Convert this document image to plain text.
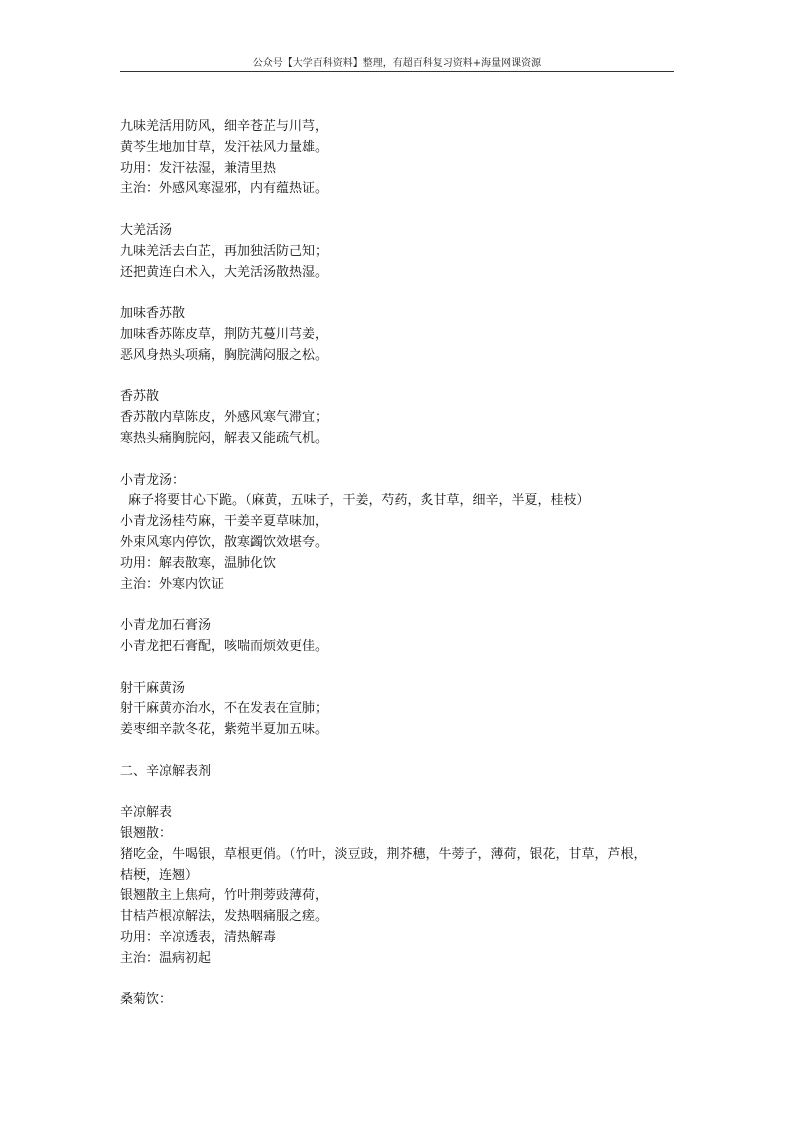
公众号【大学百科资料】整理，有超百科复习资料+海量网课资源
九味羌活用防风，细辛苍芷与川芎，
黄芩生地加甘草，发汗祛风力量雄。
功用：发汗祛湿，兼清里热
主治：外感风寒湿邪，内有蕴热证。
大羌活汤
九味羌活去白芷，再加独活防己知；
还把黄连白术入，大羌活汤散热湿。
加味香苏散
加味香苏陈皮草，荆防艽蔓川芎姜，
恶风身热头项痛，胸脘满闷服之松。
香苏散
香苏散内草陈皮，外感风寒气滞宜；
寒热头痛胸脘闷，解表又能疏气机。
小青龙汤：
麻子将要甘心下跪。（麻黄，五味子，干姜，芍药，炙甘草，细辛，半夏，桂枝）
小青龙汤桂芍麻，干姜辛夏草味加，
外束风寒内停饮，散寒蠲饮效堪夸。
功用：解表散寒，温肺化饮
主治：外寒内饮证
小青龙加石膏汤
小青龙把石膏配，咳喘而烦效更佳。
射干麻黄汤
射干麻黄亦治水，不在发表在宣肺；
姜枣细辛款冬花，紫菀半夏加五味。
二、辛凉解表剂
辛凉解表
银翘散：
猪吃金，牛喝银，草根更俏。（竹叶，淡豆豉，荆芥穗，牛蒡子，薄荷，银花，甘草，芦根，
桔梗，连翘）
银翘散主上焦疴，竹叶荆蒡豉薄荷，
甘桔芦根凉解法，发热咽痛服之瘥。
功用：辛凉透表，清热解毒
主治：温病初起
桑菊饮：
